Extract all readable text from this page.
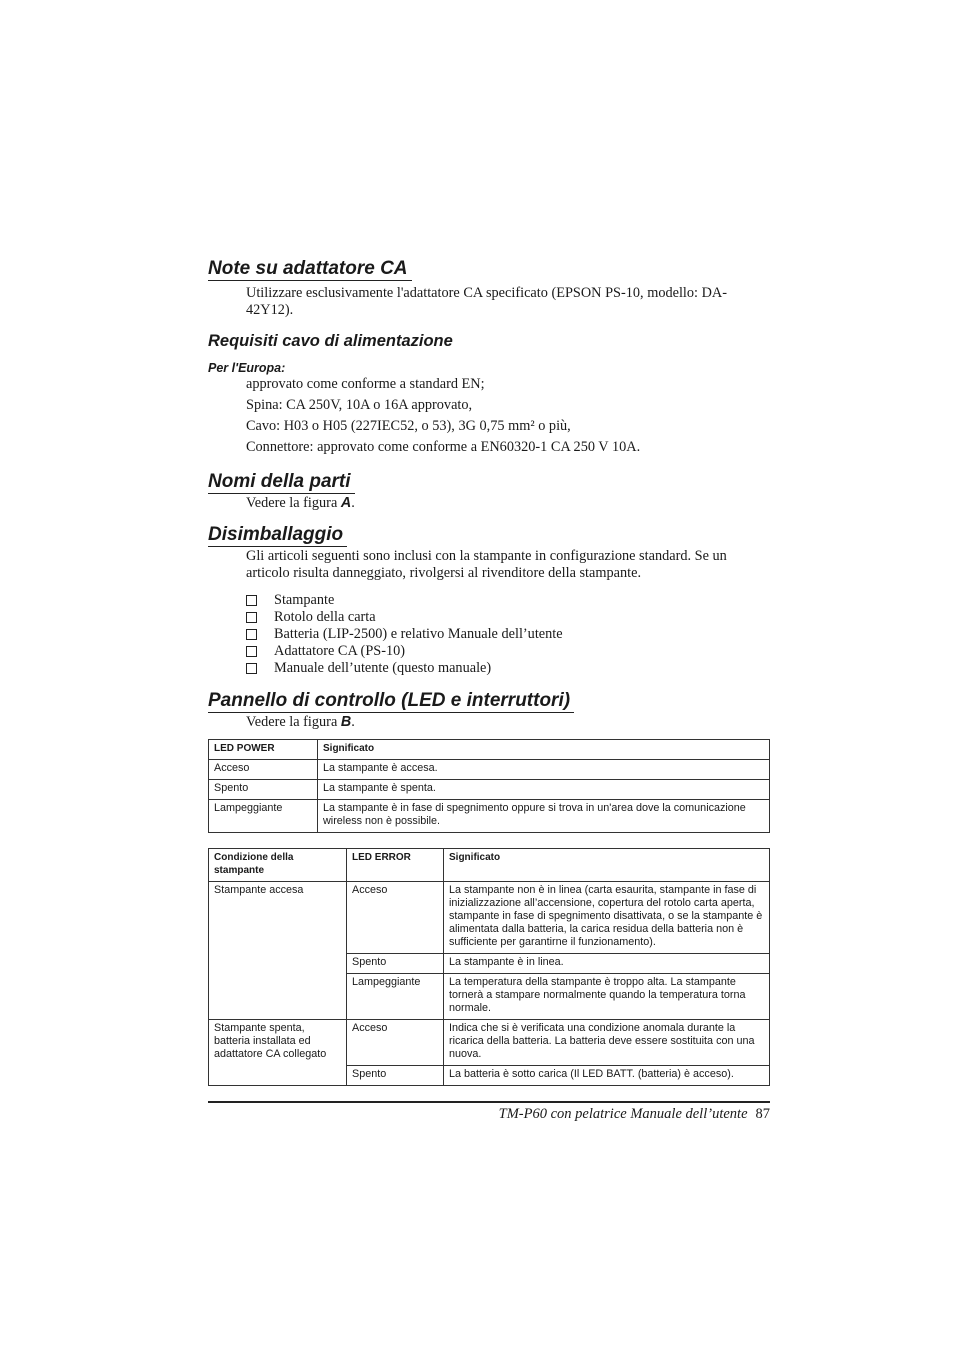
Note su adattatore CA

Utilizzare esclusivamente l'adattatore CA specificato (EPSON PS-10, modello: DA-42Y12).

Requisiti cavo di alimentazione
Per l'Europa:

approvato come conforme a standard EN;

Spina: CA 250V, 10A o 16A approvato,

Cavo: H03 o H05 (227IEC52, o 53), 3G 0,75 mm² o più,

Connettore: approvato come conforme a EN60320-1 CA 250 V 10A.

Nomi della parti

Vedere la figura A.

Disimballaggio

Gli articoli seguenti sono inclusi con la stampante in configurazione standard. Se un articolo risulta danneggiato, rivolgersi al rivenditore della stampante.

Stampante
Rotolo della carta
Batteria (LIP-2500) e relativo Manuale dell’utente
Adattatore CA (PS-10)
Manuale dell’utente (questo manuale)
Pannello di controllo (LED e interruttori)

Vedere la figura B.

LED POWER	Significato
Acceso	La stampante è accesa.
Spento	La stampante è spenta.
Lampeggiante	La stampante è in fase di spegnimento oppure si trova in un'area dove la comunicazione wireless non è possibile.
Condizione della stampante	LED ERROR	Significato
Stampante accesa	Acceso	La stampante non è in linea (carta esaurita, stampante in fase di inizializzazione all’accensione, copertura del rotolo carta aperta, stampante in fase di spegnimento disattivata, o se la stampante è alimentata dalla batteria, la carica residua della batteria non è sufficiente per garantirne il funzionamento).
	Spento	La stampante è in linea.
	Lampeggiante	La temperatura della stampante è troppo alta. La stampante tornerà a stampare normalmente quando la temperatura torna normale.
Stampante spenta, batteria installata ed adattatore CA collegato	Acceso	Indica che si è verificata una condizione anomala durante la ricarica della batteria. La batteria deve essere sostituita con una nuova.
	Spento	La batteria è sotto carica (Il LED BATT. (batteria) è acceso).
TM-P60 con pelatrice Manuale dell’utente 87
